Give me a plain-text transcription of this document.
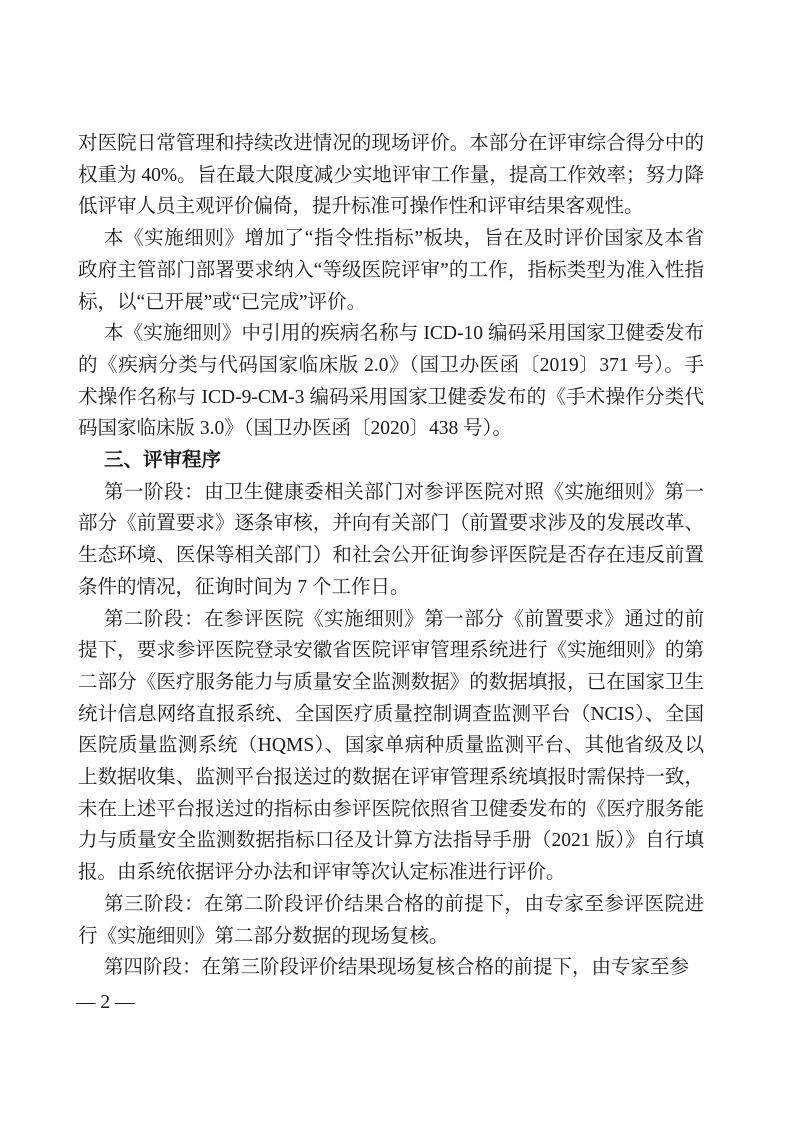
对医院日常管理和持续改进情况的现场评价。本部分在评审综合得分中的权重为 40%。旨在最大限度减少实地评审工作量，提高工作效率；努力降低评审人员主观评价偏倚，提升标准可操作性和评审结果客观性。

本《实施细则》增加了“指令性指标”板块，旨在及时评价国家及本省政府主管部门部署要求纳入“等级医院评审”的工作，指标类型为准入性指标，以“已开展”或“已完成”评价。

本《实施细则》中引用的疾病名称与 ICD-10 编码采用国家卫健委发布的《疾病分类与代码国家临床版 2.0》（国卫办医函〔2019〕371 号）。手术操作名称与 ICD-9-CM-3 编码采用国家卫健委发布的《手术操作分类代码国家临床版 3.0》（国卫办医函〔2020〕438 号）。

三、评审程序

第一阶段：由卫生健康委相关部门对参评医院对照《实施细则》第一部分《前置要求》逐条审核，并向有关部门（前置要求涉及的发展改革、生态环境、医保等相关部门）和社会公开征询参评医院是否存在违反前置条件的情况，征询时间为 7 个工作日。

第二阶段：在参评医院《实施细则》第一部分《前置要求》通过的前提下，要求参评医院登录安徽省医院评审管理系统进行《实施细则》的第二部分《医疗服务能力与质量安全监测数据》的数据填报，已在国家卫生统计信息网络直报系统、全国医疗质量控制调查监测平台（NCIS）、全国医院质量监测系统（HQMS）、国家单病种质量监测平台、其他省级及以上数据收集、监测平台报送过的数据在评审管理系统填报时需保持一致，未在上述平台报送过的指标由参评医院依照省卫健委发布的《医疗服务能力与质量安全监测数据指标口径及计算方法指导手册（2021 版）》自行填报。由系统依据评分办法和评审等次认定标准进行评价。

第三阶段：在第二阶段评价结果合格的前提下，由专家至参评医院进行《实施细则》第二部分数据的现场复核。

第四阶段：在第三阶段评价结果现场复核合格的前提下，由专家至参

— 2 —
